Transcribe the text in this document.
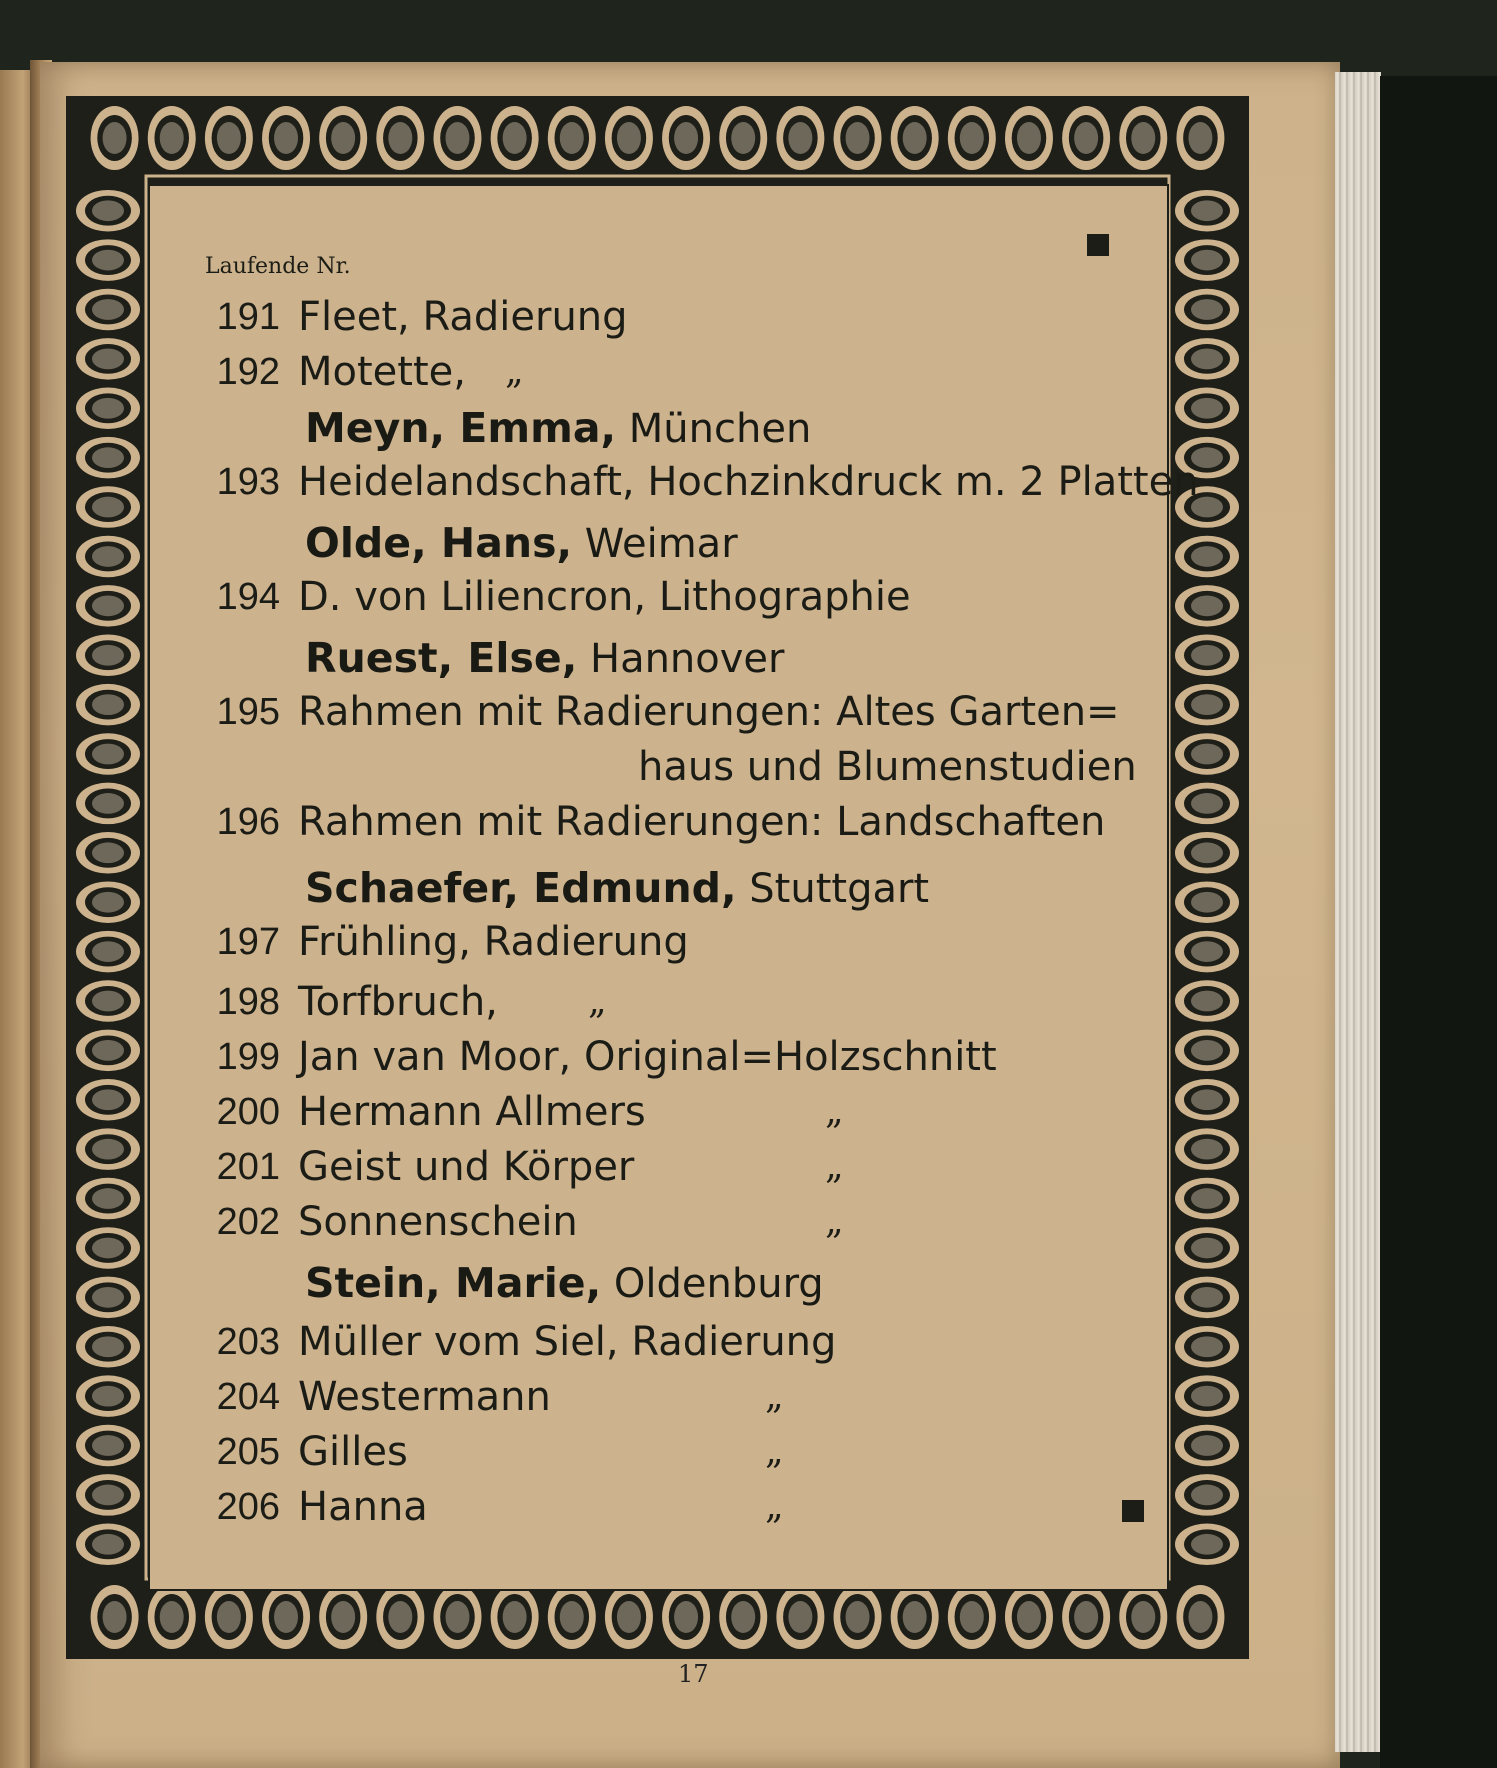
Laufende Nr.
191 Fleet, Radierung
192 Motette, „
Meyn, Emma, München
193 Heidelandschaft, Hochzinkdruck m. 2 Platten
Olde, Hans, Weimar
194 D. von Liliencron, Lithographie
Ruest, Else, Hannover
195 Rahmen mit Radierungen: Altes Garten=
haus und Blumenstudien
196 Rahmen mit Radierungen: Landschaften
Schaefer, Edmund, Stuttgart
197 Frühling, Radierung
198 Torfbruch,	„
199 Jan van Moor, Original=Holzschnitt
200 Hermann Allmers	„
201 Geist und Körper	„
202 Sonnenschein	„
Stein, Marie, Oldenburg
203 Müller vom Siel, Radierung
204 Westermann	„
205 Gilles	„
206 Hanna	„
17
